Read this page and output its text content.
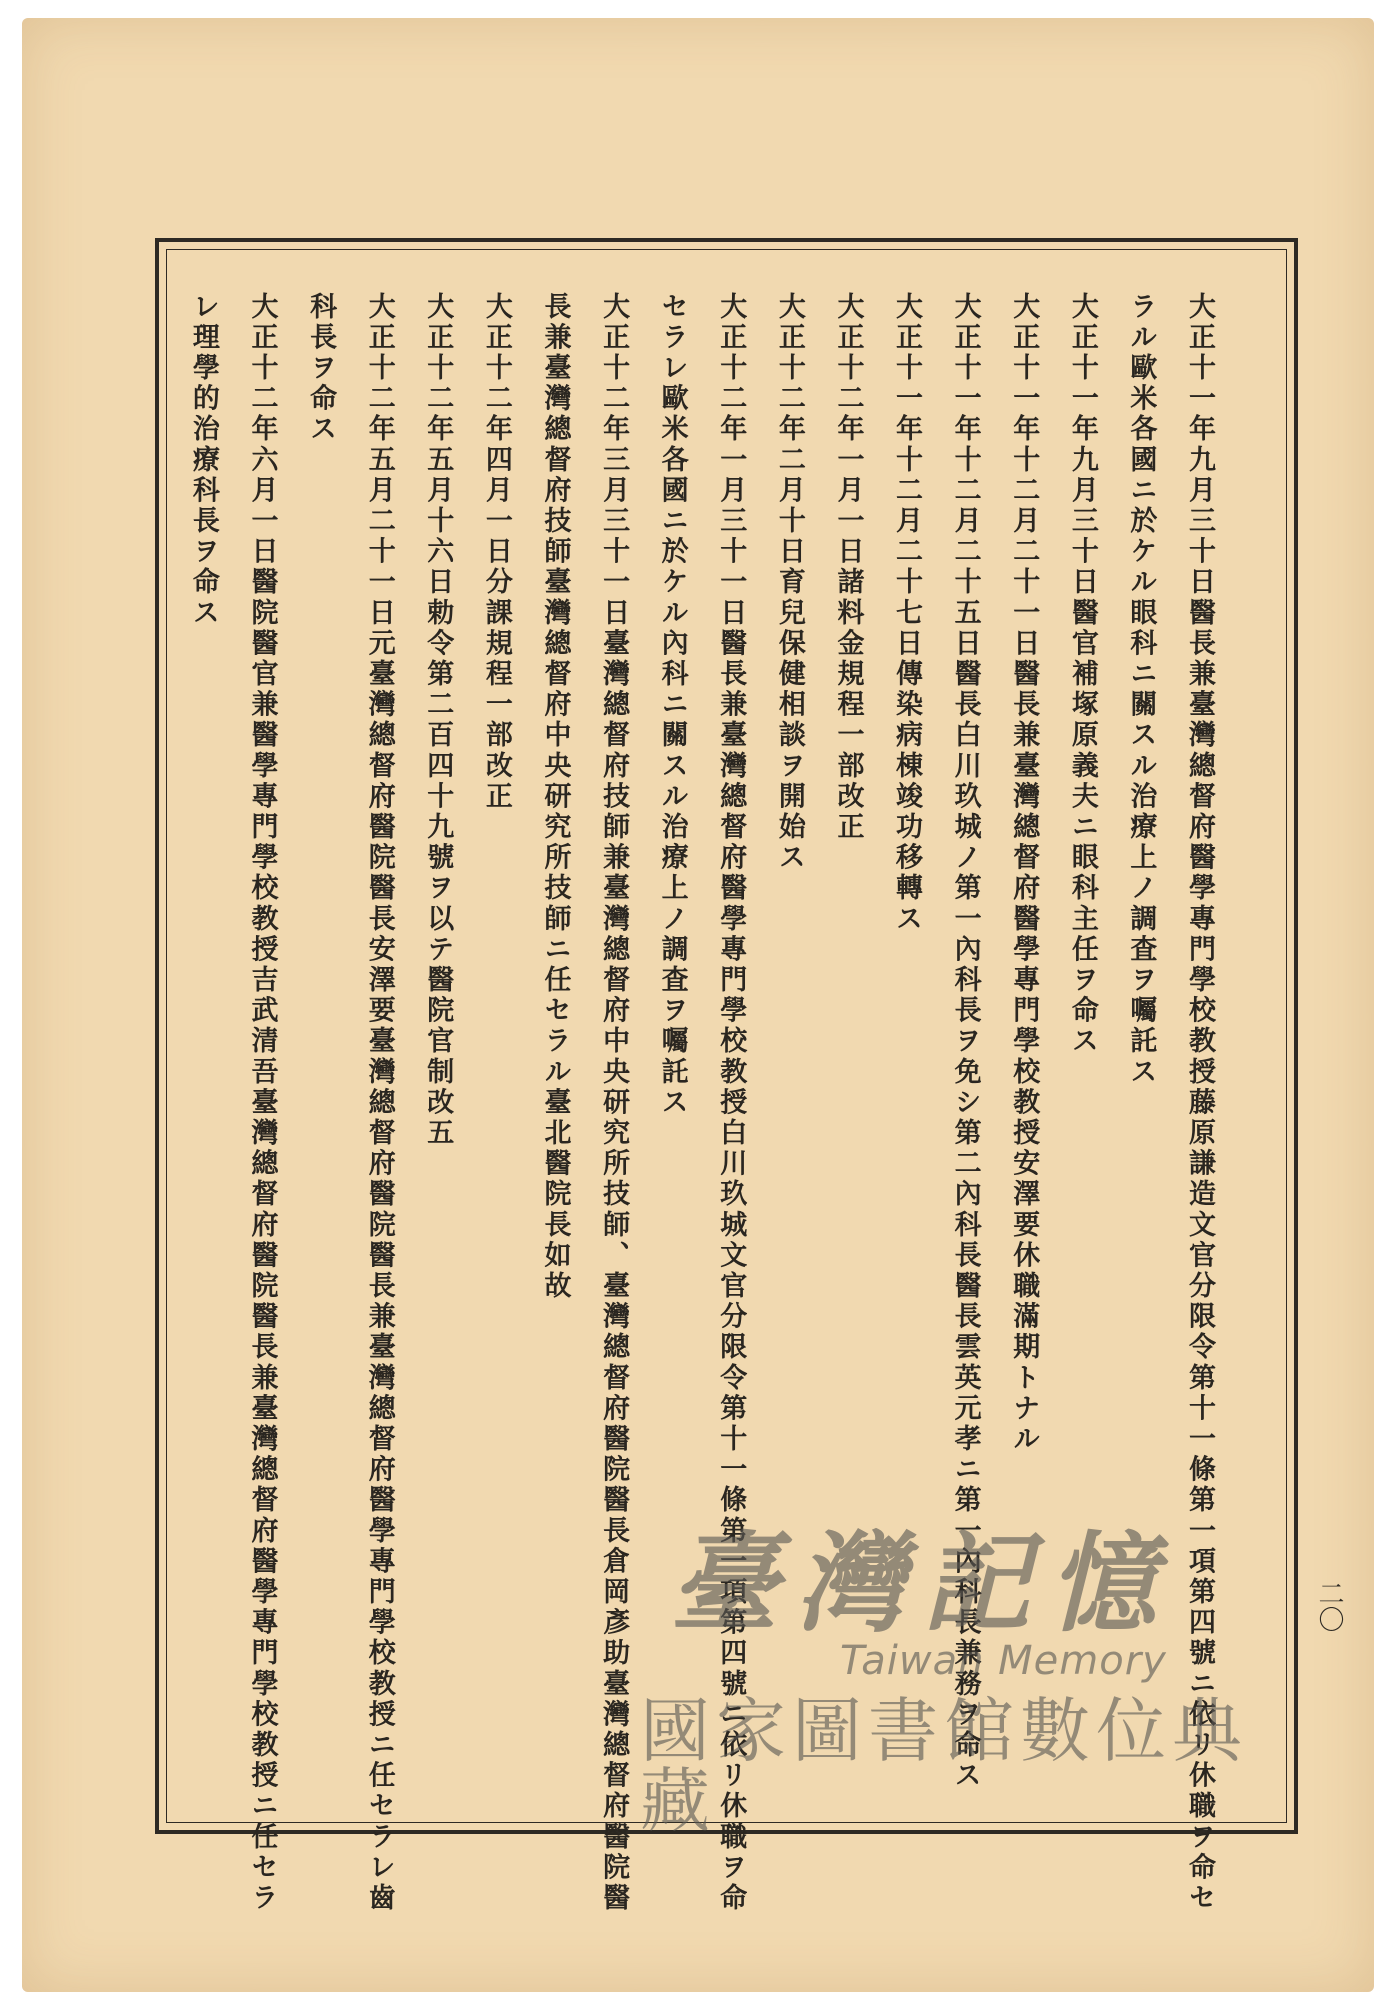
二〇
大正十一年九月三十日醫長兼臺灣總督府醫學專門學校教授藤原謙造文官分限令第十一條第一項第四號ニ依リ休職ヲ命セ
ラル歐米各國ニ於ケル眼科ニ關スル治療上ノ調査ヲ囑託ス
大正十一年九月三十日醫官補塚原義夫ニ眼科主任ヲ命ス
大正十一年十二月二十一日醫長兼臺灣總督府醫學專門學校教授安澤要休職滿期トナル
大正十一年十二月二十五日醫長白川玖城ノ第一內科長ヲ免シ第二內科長醫長雲英元孝ニ第一內科長兼務ヲ命ス
大正十一年十二月二十七日傳染病棟竣功移轉ス
大正十二年一月一日諸料金規程一部改正
大正十二年二月十日育兒保健相談ヲ開始ス
大正十二年一月三十一日醫長兼臺灣總督府醫學專門學校教授白川玖城文官分限令第十一條第一項第四號ニ依リ休職ヲ命
セラレ歐米各國ニ於ケル內科ニ關スル治療上ノ調査ヲ囑託ス
大正十二年三月三十一日臺灣總督府技師兼臺灣總督府中央研究所技師、臺灣總督府醫院醫長倉岡彥助臺灣總督府醫院醫
長兼臺灣總督府技師臺灣總督府中央研究所技師ニ任セラル臺北醫院長如故
大正十二年四月一日分課規程一部改正
大正十二年五月十六日勅令第二百四十九號ヲ以テ醫院官制改五
大正十二年五月二十一日元臺灣總督府醫院醫長安澤要臺灣總督府醫院醫長兼臺灣總督府醫學專門學校教授ニ任セラレ齒
科長ヲ命ス
大正十二年六月一日醫院醫官兼醫學專門學校教授吉武清吾臺灣總督府醫院醫長兼臺灣總督府醫學專門學校教授ニ任セラ
レ理學的治療科長ヲ命ス
臺灣記憶
Taiwan Memory
國家圖書館數位典藏
